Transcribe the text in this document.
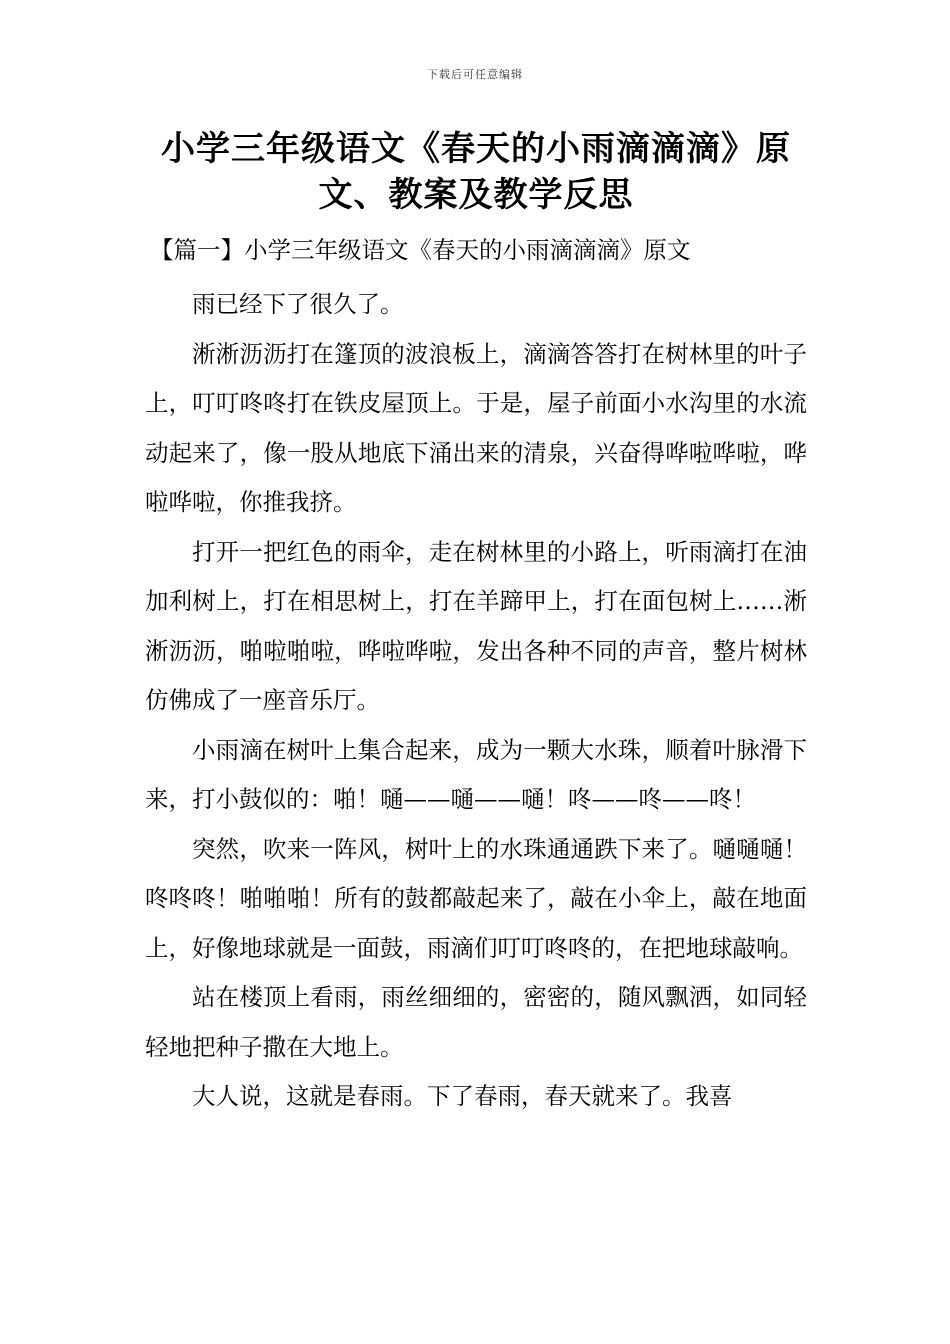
下载后可任意编辑
小学三年级语文《春天的小雨滴滴滴》原文、教案及教学反思
【篇一】小学三年级语文《春天的小雨滴滴滴》原文

雨已经下了很久了。

淅淅沥沥打在篷顶的波浪板上，滴滴答答打在树林里的叶子上，叮叮咚咚打在铁皮屋顶上。于是，屋子前面小水沟里的水流动起来了，像一股从地底下涌出来的清泉，兴奋得哗啦哗啦，哗啦哗啦，你推我挤。

打开一把红色的雨伞，走在树林里的小路上，听雨滴打在油加利树上，打在相思树上，打在羊蹄甲上，打在面包树上……淅淅沥沥，啪啦啪啦，哗啦哗啦，发出各种不同的声音，整片树林仿佛成了一座音乐厅。

小雨滴在树叶上集合起来，成为一颗大水珠，顺着叶脉滑下来，打小鼓似的：啪！嗵——嗵——嗵！咚——咚——咚！

突然，吹来一阵风，树叶上的水珠通通跌下来了。嗵嗵嗵！咚咚咚！啪啪啪！所有的鼓都敲起来了，敲在小伞上，敲在地面上，好像地球就是一面鼓，雨滴们叮叮咚咚的，在把地球敲响。

站在楼顶上看雨，雨丝细细的，密密的，随风飘洒，如同轻轻地把种子撒在大地上。

大人说，这就是春雨。下了春雨，春天就来了。我喜
